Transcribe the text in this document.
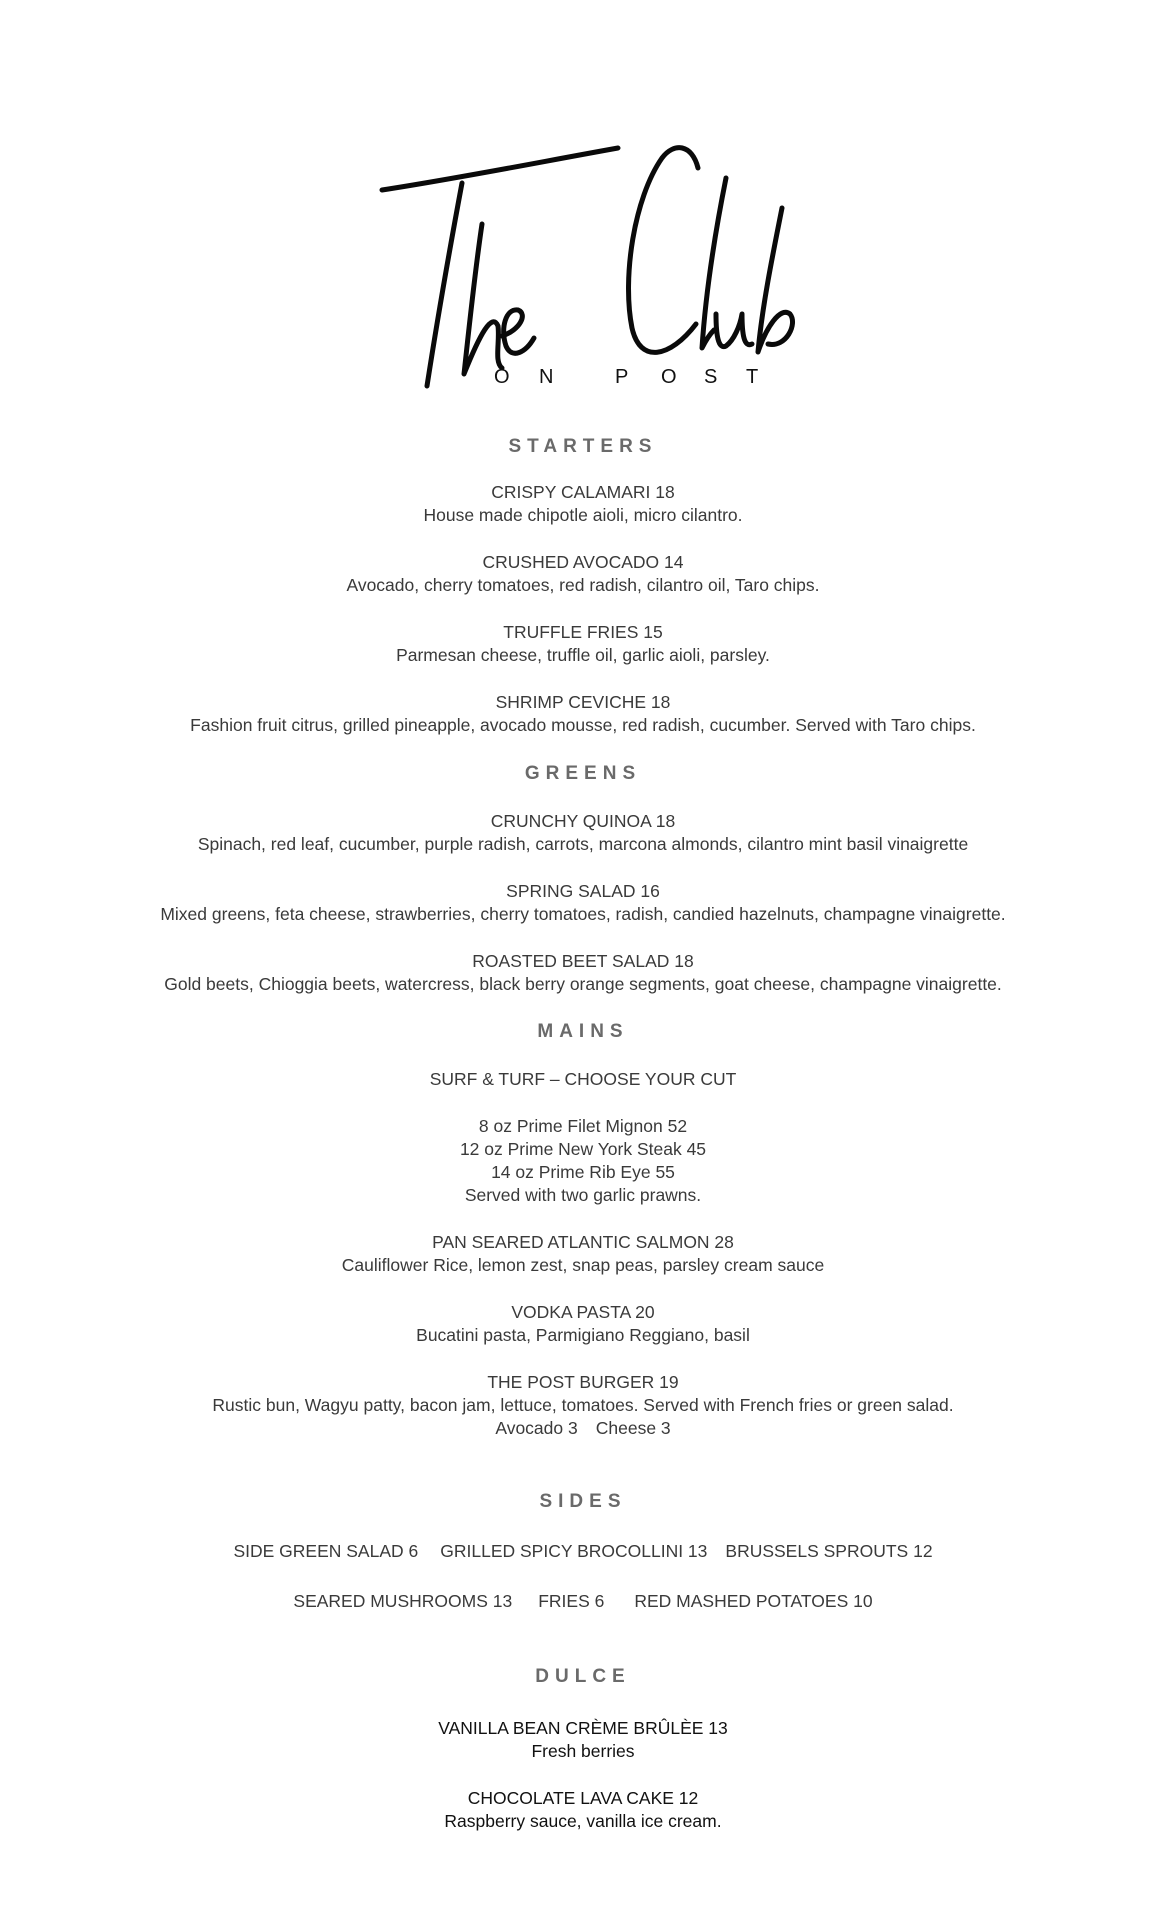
O N	P O S T
STARTERS
CRISPY CALAMARI 18
House made chipotle aioli, micro cilantro.
CRUSHED AVOCADO 14
Avocado, cherry tomatoes, red radish, cilantro oil, Taro chips.
TRUFFLE FRIES 15
Parmesan cheese, truffle oil, garlic aioli, parsley.
SHRIMP CEVICHE 18
Fashion fruit citrus, grilled pineapple, avocado mousse, red radish, cucumber. Served with Taro chips.
GREENS
CRUNCHY QUINOA 18
Spinach, red leaf, cucumber, purple radish, carrots, marcona almonds, cilantro mint basil vinaigrette
SPRING SALAD 16
Mixed greens, feta cheese, strawberries, cherry tomatoes, radish, candied hazelnuts, champagne vinaigrette.
ROASTED BEET SALAD 18
Gold beets, Chioggia beets, watercress, black berry orange segments, goat cheese, champagne vinaigrette.
MAINS
SURF & TURF – CHOOSE YOUR CUT
8 oz Prime Filet Mignon 52
12 oz Prime New York Steak 45
14 oz Prime Rib Eye 55
Served with two garlic prawns.
PAN SEARED ATLANTIC SALMON 28
Cauliflower Rice, lemon zest, snap peas, parsley cream sauce
VODKA PASTA 20
Bucatini pasta, Parmigiano Reggiano, basil
THE POST BURGER 19
Rustic bun, Wagyu patty, bacon jam, lettuce, tomatoes. Served with French fries or green salad.
Avocado 3 Cheese 3
SIDES
SIDE GREEN SALAD 6 GRILLED SPICY BROCOLLINI 13 BRUSSELS SPROUTS 12
SEARED MUSHROOMS 13 FRIES 6 RED MASHED POTATOES 10
DULCE
VANILLA BEAN CRÈME BRÛLÈE 13
Fresh berries
CHOCOLATE LAVA CAKE 12
Raspberry sauce, vanilla ice cream.
